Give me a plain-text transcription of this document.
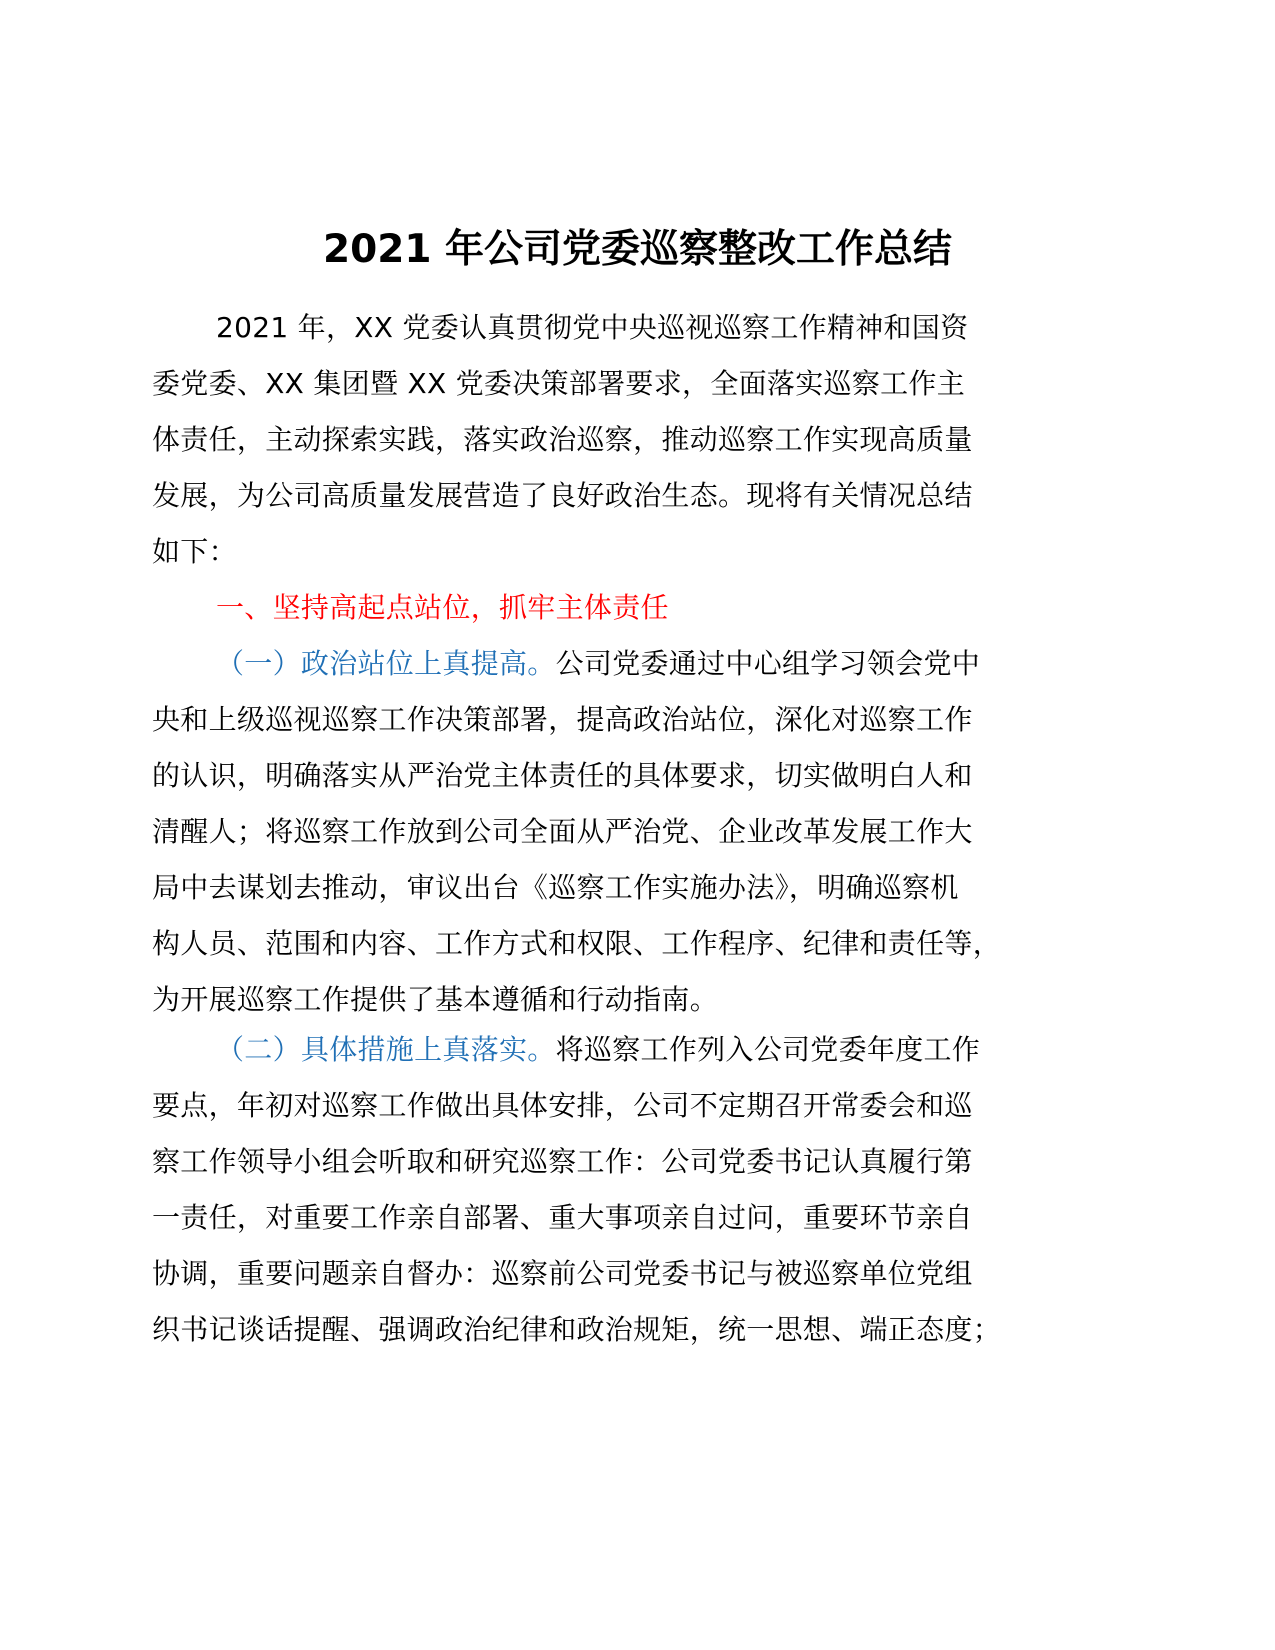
2021 年公司党委巡察整改工作总结
2021 年，XX 党委认真贯彻党中央巡视巡察工作精神和国资
委党委、XX 集团暨 XX 党委决策部署要求，全面落实巡察工作主
体责任，主动探索实践，落实政治巡察，推动巡察工作实现高质量
发展，为公司高质量发展营造了良好政治生态。现将有关情况总结
如下：
一、坚持高起点站位，抓牢主体责任
（一）政治站位上真提高。公司党委通过中心组学习领会党中
央和上级巡视巡察工作决策部署，提高政治站位，深化对巡察工作
的认识，明确落实从严治党主体责任的具体要求，切实做明白人和
清醒人；将巡察工作放到公司全面从严治党、企业改革发展工作大
局中去谋划去推动，审议出台《巡察工作实施办法》，明确巡察机
构人员、范围和内容、工作方式和权限、工作程序、纪律和责任等，
为开展巡察工作提供了基本遵循和行动指南。
（二）具体措施上真落实。将巡察工作列入公司党委年度工作
要点，年初对巡察工作做出具体安排，公司不定期召开常委会和巡
察工作领导小组会听取和研究巡察工作：公司党委书记认真履行第
一责任，对重要工作亲自部署、重大事项亲自过问，重要环节亲自
协调，重要问题亲自督办：巡察前公司党委书记与被巡察单位党组
织书记谈话提醒、强调政治纪律和政治规矩，统一思想、端正态度；
